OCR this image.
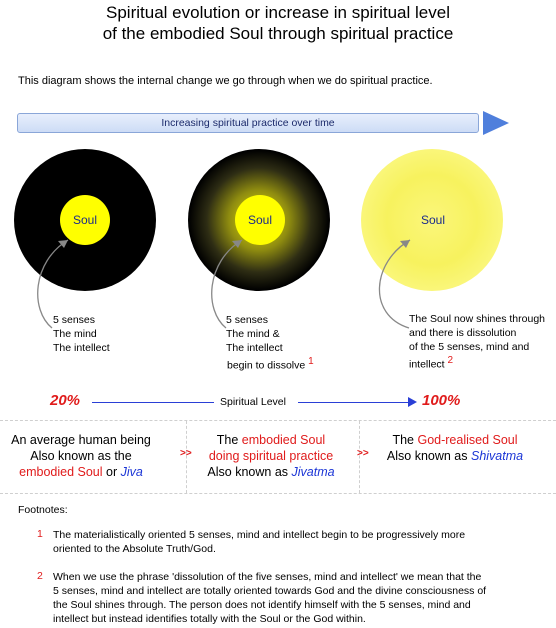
Spiritual evolution or increase in spiritual level
of the embodied Soul through spiritual practice
This diagram shows the internal change we go through when we do spiritual practice.
Increasing spiritual practice over time
Soul	Soul	Soul
5 senses
The mind
The intellect
5 senses
The mind &
The intellect
begin to dissolve $^1$
The Soul now shines through
and there is dissolution
of the 5 senses, mind and
intellect $^2$
20%	Spiritual Level	100%
An average human being
Also known as the
embodied Soul or Jiva
>>
The embodied Soul
doing spiritual practice
Also known as Jivatma
>>
The God-realised Soul
Also known as Shivatma
Footnotes:
1 The materialistically oriented 5 senses, mind and intellect begin to be progressively more
oriented to the Absolute Truth/God.
2 When we use the phrase 'dissolution of the five senses, mind and intellect' we mean that the
5 senses, mind and intellect are totally oriented towards God and the divine consciousness of
the Soul shines through. The person does not identify himself with the 5 senses, mind and
intellect but instead identifies totally with the Soul or the God within.
